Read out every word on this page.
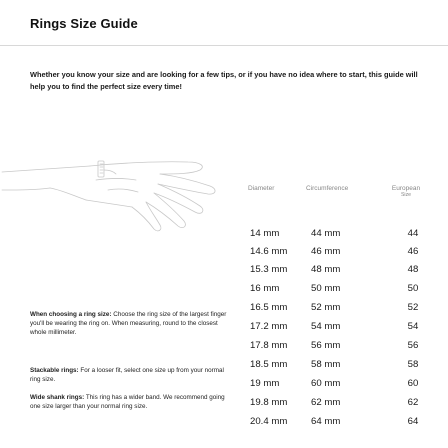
Rings Size Guide
Whether you know your size and are looking for a few tips, or if you have no idea where to start, this guide will help you to find the perfect size every time!
Diameter	Circumference	European
Size
14 mm	44 mm	44
14.6 mm 46 mm	46
15.3 mm 48 mm	48
16 mm	50 mm	50
16.5 mm 52 mm	52
17.2 mm 54 mm	54
17.8 mm 56 mm	56
18.5 mm 58 mm	58
19 mm	60 mm	60
19.8 mm 62 mm	62
20.4 mm 64 mm	64
When choosing a ring size: Choose the ring size of the largest finger you'll be wearing the ring on. When measuring, round to the closest whole millimeter.
Stackable rings: For a looser fit, select one size up from your normal ring size.
Wide shank rings: This ring has a wider band. We recommend going one size larger than your normal ring size.
